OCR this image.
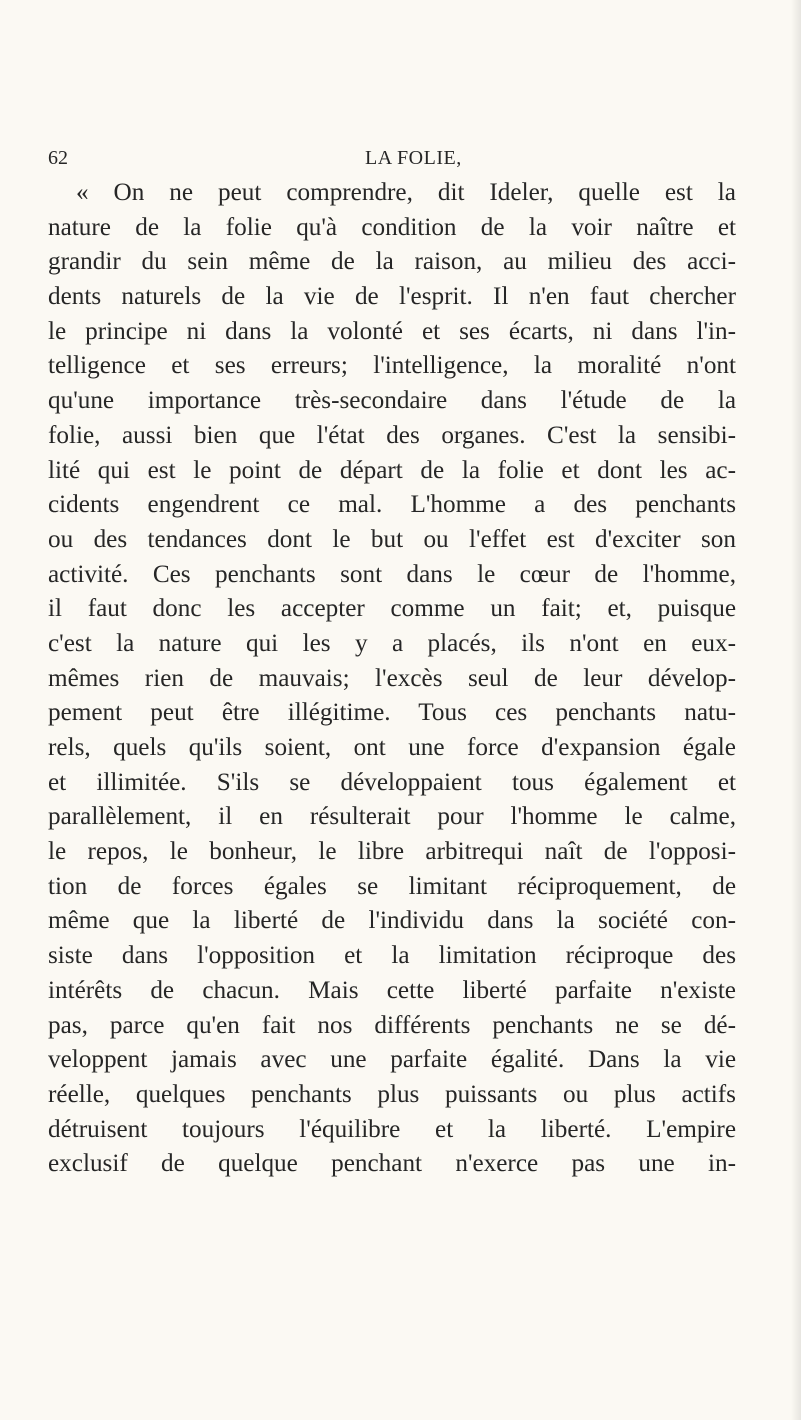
62	LA FOLIE,
« On ne peut comprendre, dit Ideler, quelle est la
nature de la folie qu'à condition de la voir naître et
grandir du sein même de la raison, au milieu des acci-
dents naturels de la vie de l'esprit. Il n'en faut chercher
le principe ni dans la volonté et ses écarts, ni dans l'in-
telligence et ses erreurs; l'intelligence, la moralité n'ont
qu'une importance très-secondaire dans l'étude de la
folie, aussi bien que l'état des organes. C'est la sensibi-
lité qui est le point de départ de la folie et dont les ac-
cidents engendrent ce mal. L'homme a des penchants
ou des tendances dont le but ou l'effet est d'exciter son
activité. Ces penchants sont dans le cœur de l'homme,
il faut donc les accepter comme un fait; et, puisque
c'est la nature qui les y a placés, ils n'ont en eux-
mêmes rien de mauvais; l'excès seul de leur dévelop-
pement peut être illégitime. Tous ces penchants natu-
rels, quels qu'ils soient, ont une force d'expansion égale
et illimitée. S'ils se développaient tous également et
parallèlement, il en résulterait pour l'homme le calme,
le repos, le bonheur, le libre arbitrequi naît de l'opposi-
tion de forces égales se limitant réciproquement, de
même que la liberté de l'individu dans la société con-
siste dans l'opposition et la limitation réciproque des
intérêts de chacun. Mais cette liberté parfaite n'existe
pas, parce qu'en fait nos différents penchants ne se dé-
veloppent jamais avec une parfaite égalité. Dans la vie
réelle, quelques penchants plus puissants ou plus actifs
détruisent toujours l'équilibre et la liberté. L'empire
exclusif de quelque penchant n'exerce pas une in-
